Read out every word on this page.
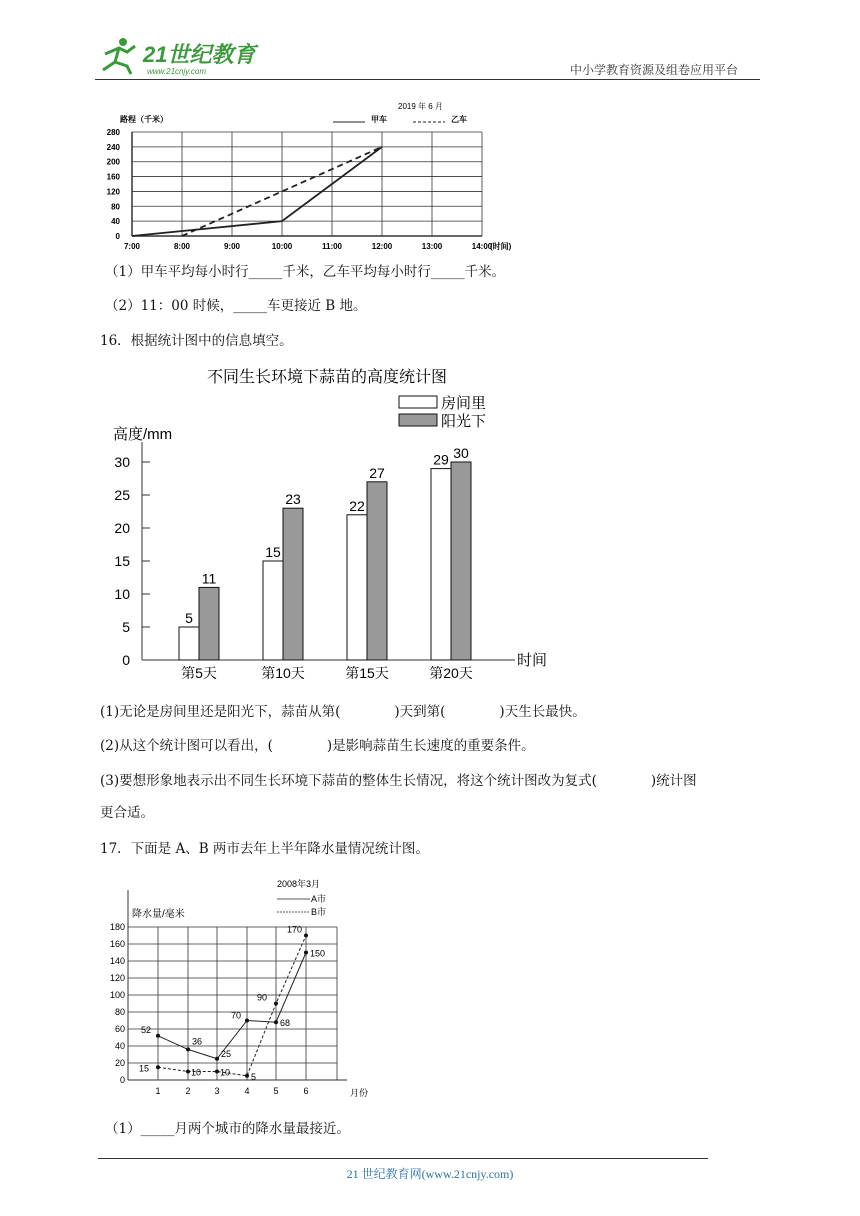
21世纪教育
www.21cnjy.com	中小学教育资源及组卷应用平台
0
40
80
120
160
200
240
280
7:00	8:00	9:00	10:00	11:00	12:00	13:00	14:00
(时间)
路程（千米）
2019 年 6 月
甲车	乙车
（1）甲车平均每小时行_____千米，乙车平均每小时行_____千米。
（2）11：00 时候，_____车更接近 B 地。
16．根据统计图中的信息填空。
不同生长环境下蒜苗的高度统计图
高度/mm
时间
0
5
10
15
20
25
30
第5天
5
11
第10天
15
23
第15天
22
27
第20天
29 30
房间里
阳光下
(1)无论是房间里还是阳光下，蒜苗从第(　　　　)天到第(　　　　)天生长最快。
(2)从这个统计图可以看出，(　　　　)是影响蒜苗生长速度的重要条件。
(3)要想形象地表示出不同生长环境下蒜苗的整体生长情况，将这个统计图改为复式(　　　　)统计图
更合适。
17．下面是 A、B 两市去年上半年降水量情况统计图。
0
20
40
60
80
100
120
140
160
180
降水量/毫米
月份
2008年3月
1	2	3	4	5	6
A市
B市
52
36
25
70
68
150
15	10 10 5
90
170
（1）_____月两个城市的降水量最接近。
21 世纪教育网(www.21cnjy.com)
